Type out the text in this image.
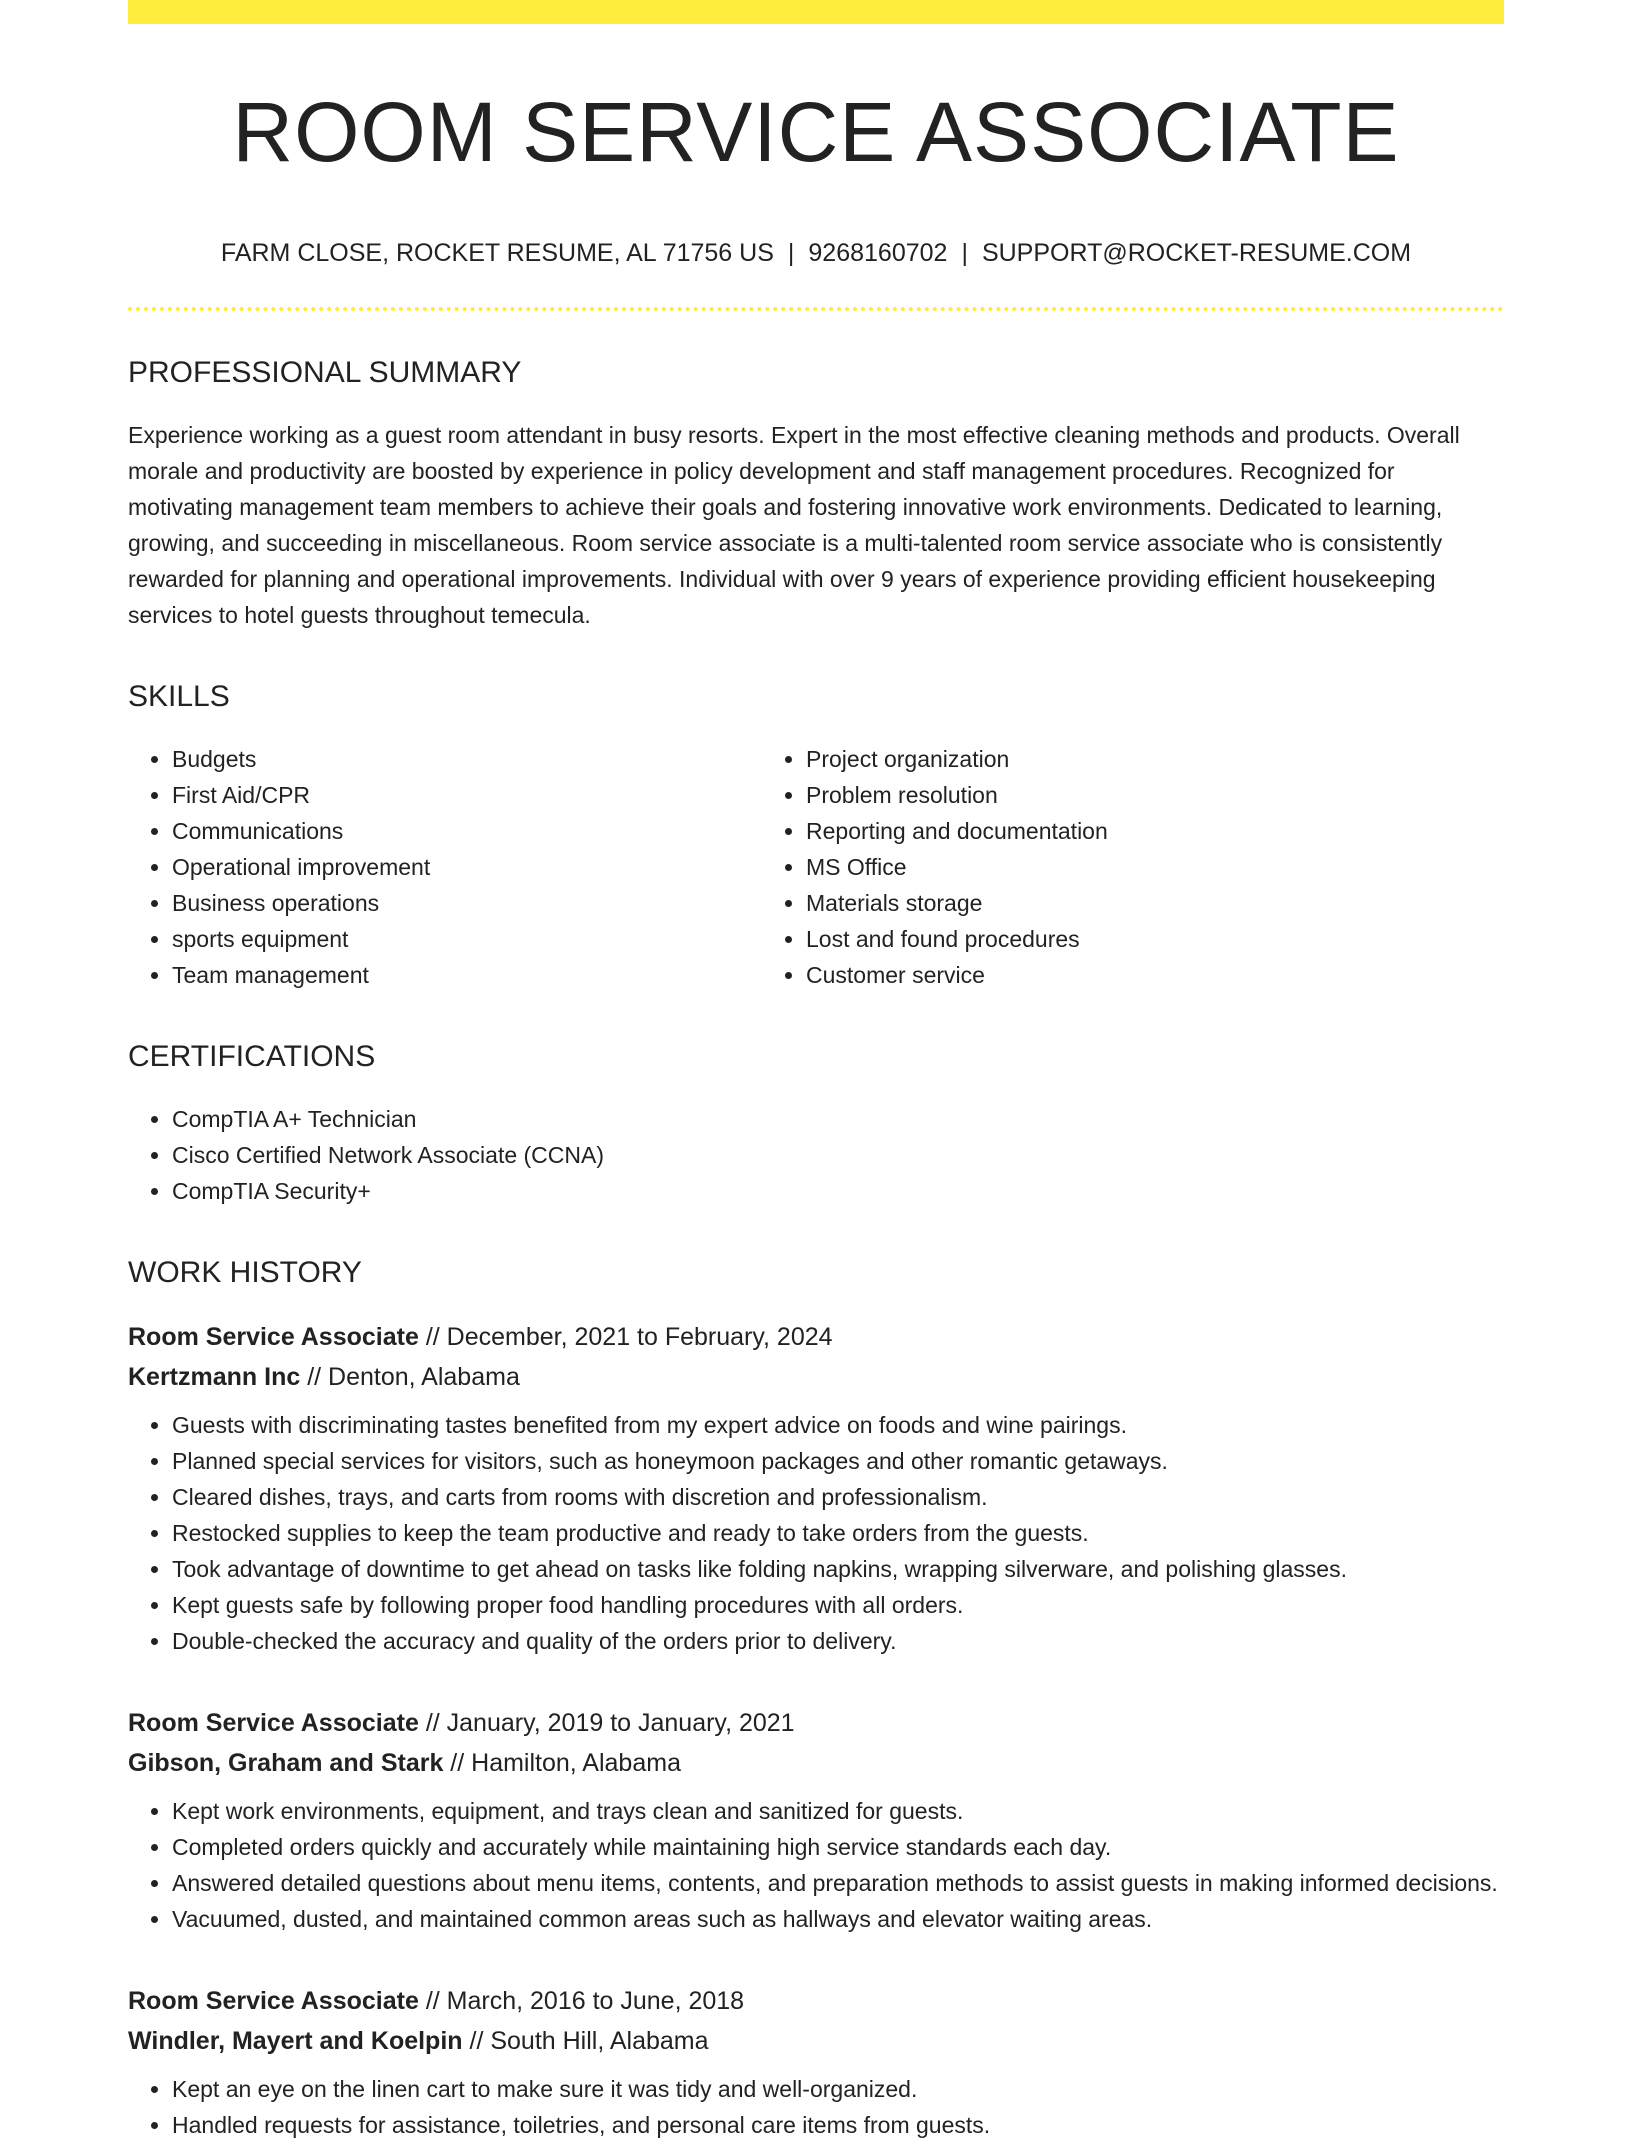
ROOM SERVICE ASSOCIATE
FARM CLOSE, ROCKET RESUME, AL 71756 US | 9268160702 | SUPPORT@ROCKET-RESUME.COM
PROFESSIONAL SUMMARY

Experience working as a guest room attendant in busy resorts. Expert in the most effective cleaning methods and products. Overall morale and productivity are boosted by experience in policy development and staff management procedures. Recognized for motivating management team members to achieve their goals and fostering innovative work environments. Dedicated to learning, growing, and succeeding in miscellaneous. Room service associate is a multi-talented room service associate who is consistently rewarded for planning and operational improvements. Individual with over 9 years of experience providing efficient housekeeping services to hotel guests throughout temecula.

SKILLS
• Budgets
• First Aid/CPR
• Communications
• Operational improvement
• Business operations
• sports equipment
• Team management
• Project organization
• Problem resolution
• Reporting and documentation
• MS Office
• Materials storage
• Lost and found procedures
• Customer service
CERTIFICATIONS
• CompTIA A+ Technician
• Cisco Certified Network Associate (CCNA)
• CompTIA Security+
WORK HISTORY
Room Service Associate // December, 2021 to February, 2024
Kertzmann Inc // Denton, Alabama
• Guests with discriminating tastes benefited from my expert advice on foods and wine pairings.
• Planned special services for visitors, such as honeymoon packages and other romantic getaways.
• Cleared dishes, trays, and carts from rooms with discretion and professionalism.
• Restocked supplies to keep the team productive and ready to take orders from the guests.
• Took advantage of downtime to get ahead on tasks like folding napkins, wrapping silverware, and polishing glasses.
• Kept guests safe by following proper food handling procedures with all orders.
• Double-checked the accuracy and quality of the orders prior to delivery.
Room Service Associate // January, 2019 to January, 2021
Gibson, Graham and Stark // Hamilton, Alabama
• Kept work environments, equipment, and trays clean and sanitized for guests.
• Completed orders quickly and accurately while maintaining high service standards each day.
• Answered detailed questions about menu items, contents, and preparation methods to assist guests in making informed decisions.
• Vacuumed, dusted, and maintained common areas such as hallways and elevator waiting areas.
Room Service Associate // March, 2016 to June, 2018
Windler, Mayert and Koelpin // South Hill, Alabama
• Kept an eye on the linen cart to make sure it was tidy and well-organized.
• Handled requests for assistance, toiletries, and personal care items from guests.
